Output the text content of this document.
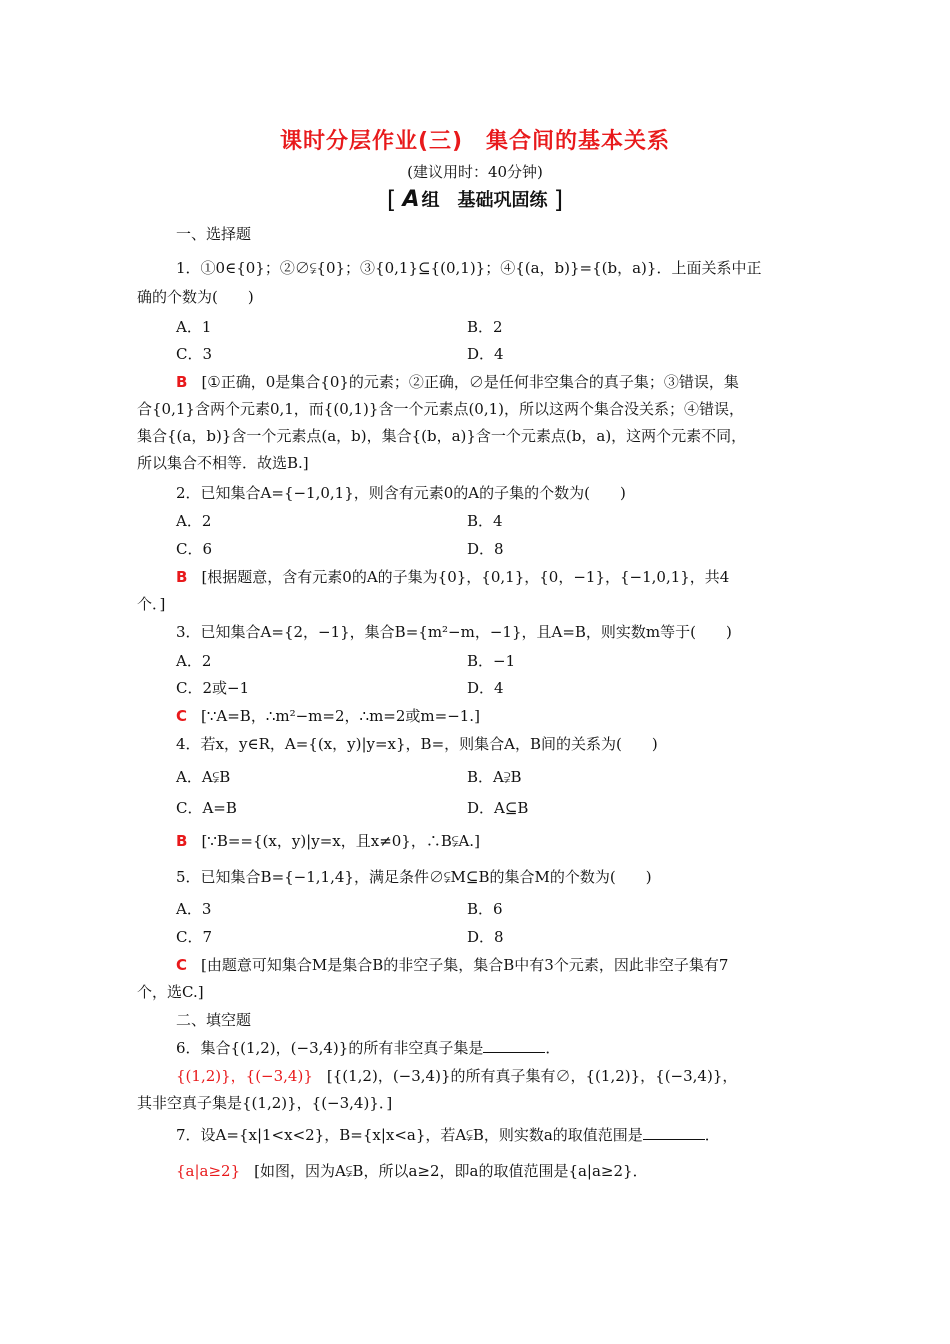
课时分层作业(三)　集合间的基本关系
(建议用时：40分钟)
[ A 组　基础巩固练 ]
一、选择题
1．①0∈{0}；②∅⫋{0}；③{0,1}⊆{(0,1)}；④{(a，b)}={(b，a)}．上面关系中正
确的个数为(　　)
A．1	B．2
C．3	D．4
B [①正确，0是集合{0}的元素；②正确，∅是任何非空集合的真子集；③错误，集
合{0,1}含两个元素0,1，而{(0,1)}含一个元素点(0,1)，所以这两个集合没关系；④错误，
集合{(a，b)}含一个元素点(a，b)，集合{(b，a)}含一个元素点(b，a)，这两个元素不同，
所以集合不相等．故选B.]
2．已知集合A={−1,0,1}，则含有元素0的A的子集的个数为(　　)
A．2	B．4
C．6	D．8
B [根据题意，含有元素0的A的子集为{0}，{0,1}，{0，−1}，{−1,0,1}，共4
个．]
3．已知集合A={2，−1}，集合B={m²−m，−1}，且A=B，则实数m等于(　　)
A．2	B．−1
C．2或−1	D．4
C [∵A=B，∴m²−m=2，∴m=2或m=−1.]
4．若x，y∈R，A={(x，y)|y=x}，B=，则集合A，B间的关系为(　　)
A．A⫋B	B．A⫌B
C．A=B	D．A⊆B
B [∵B=={(x，y)|y=x，且x≠0}，∴B⫋A.]
5．已知集合B={−1,1,4}，满足条件∅⫋M⊆B的集合M的个数为(　　)
A．3	B．6
C．7	D．8
C [由题意可知集合M是集合B的非空子集，集合B中有3个元素，因此非空子集有7
个，选C.]
二、填空题
6．集合{(1,2)，(−3,4)}的所有非空真子集是	．
{(1,2)}，{(−3,4)} [{(1,2)，(−3,4)}的所有真子集有∅，{(1,2)}，{(−3,4)}，
其非空真子集是{(1,2)}，{(−3,4)}．]
7．设A={x|1<x<2}，B={x|x<a}，若A⫋B，则实数a的取值范围是	．
{a|a≥2} [如图，因为A⫋B，所以a≥2，即a的取值范围是{a|a≥2}．
